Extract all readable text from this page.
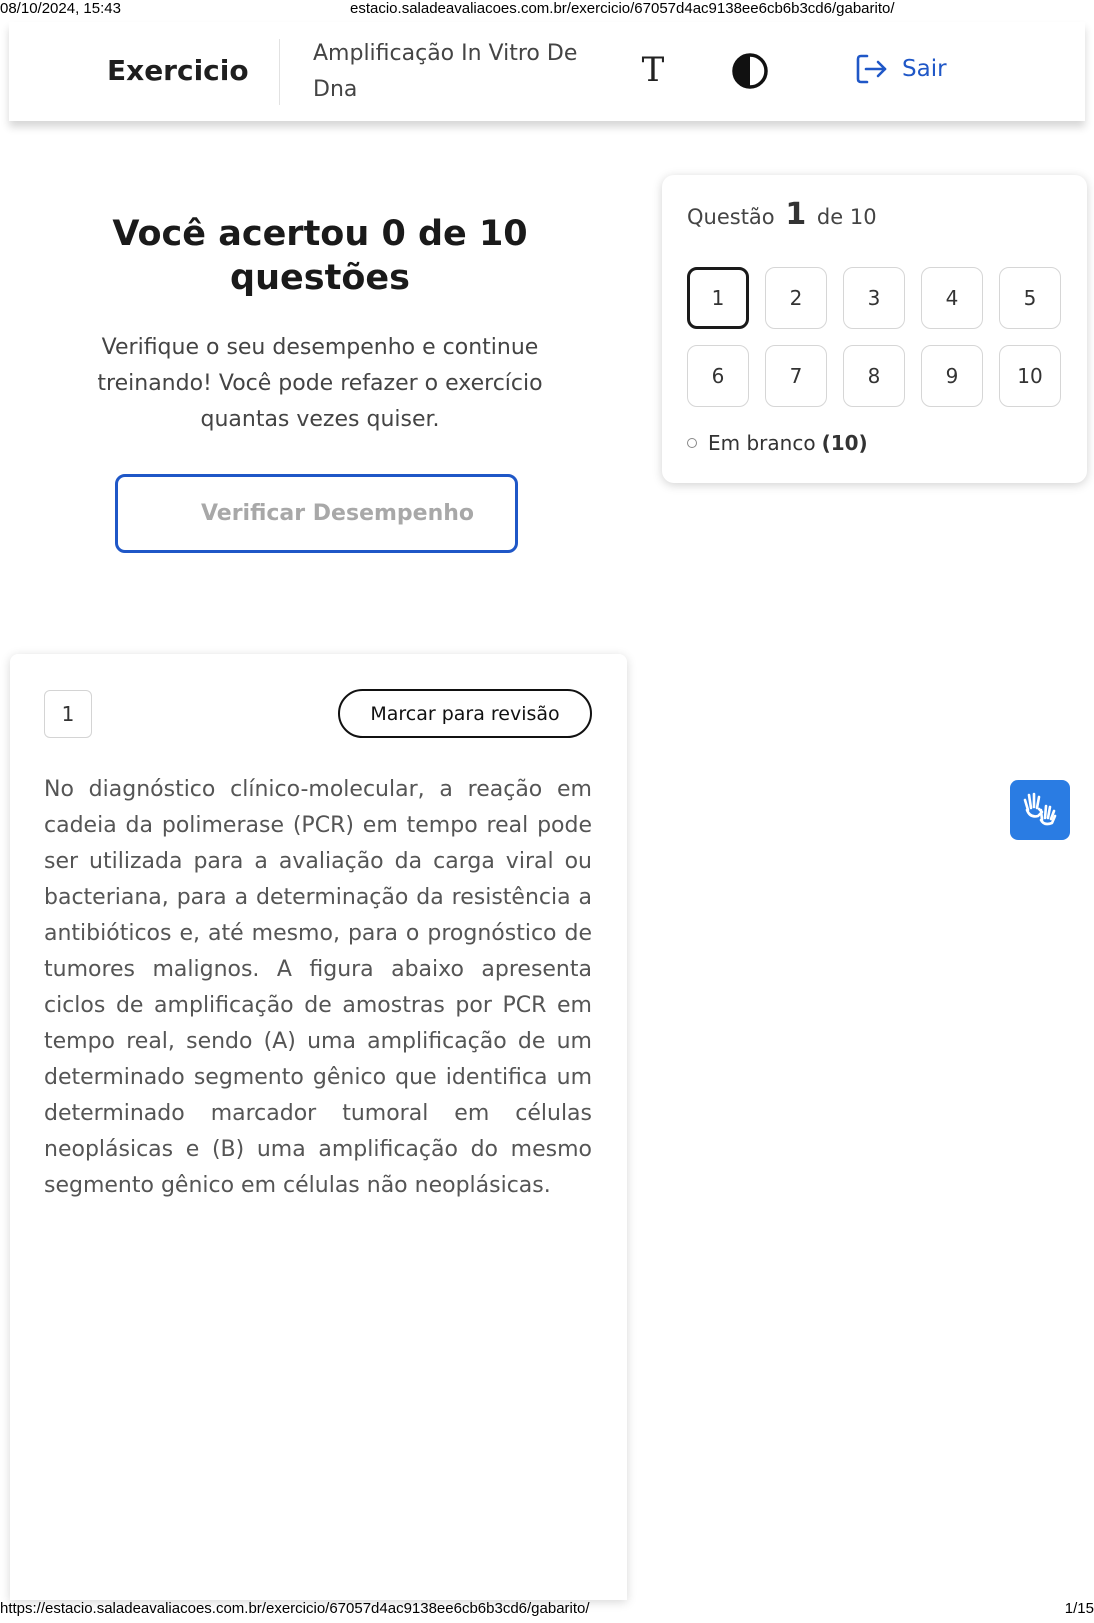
08/10/2024, 15:43	estacio.saladeavaliacoes.com.br/exercicio/67057d4ac9138ee6cb6b3cd6/gabarito/
https://estacio.saladeavaliacoes.com.br/exercicio/67057d4ac9138ee6cb6b3cd6/gabarito/	1/15
Exercicio
Amplificação In Vitro De Dna	T	Sair
Você acertou 0 de 10 questões
Verifique o seu desempenho e continue treinando! Você pode refazer o exercício quantas vezes quiser.
Verificar Desempenho
Questão 1 de 10
1	2	3	4	5
6	7	8	9	10
Em branco (10)
1	Marcar para revisão

No diagnóstico clínico-molecular, a reação em cadeia da polimerase (PCR) em tempo real pode ser utilizada para a avaliação da carga viral ou bacteriana, para a determinação da resistência a antibióticos e, até mesmo, para o prognóstico de tumores malignos. A figura abaixo apresenta ciclos de amplificação de amostras por PCR em tempo real, sendo (A) uma amplificação de um determinado segmento gênico que identifica um determinado marcador tumoral em células neoplásicas e (B) uma amplificação do mesmo segmento gênico em células não neoplásicas.
